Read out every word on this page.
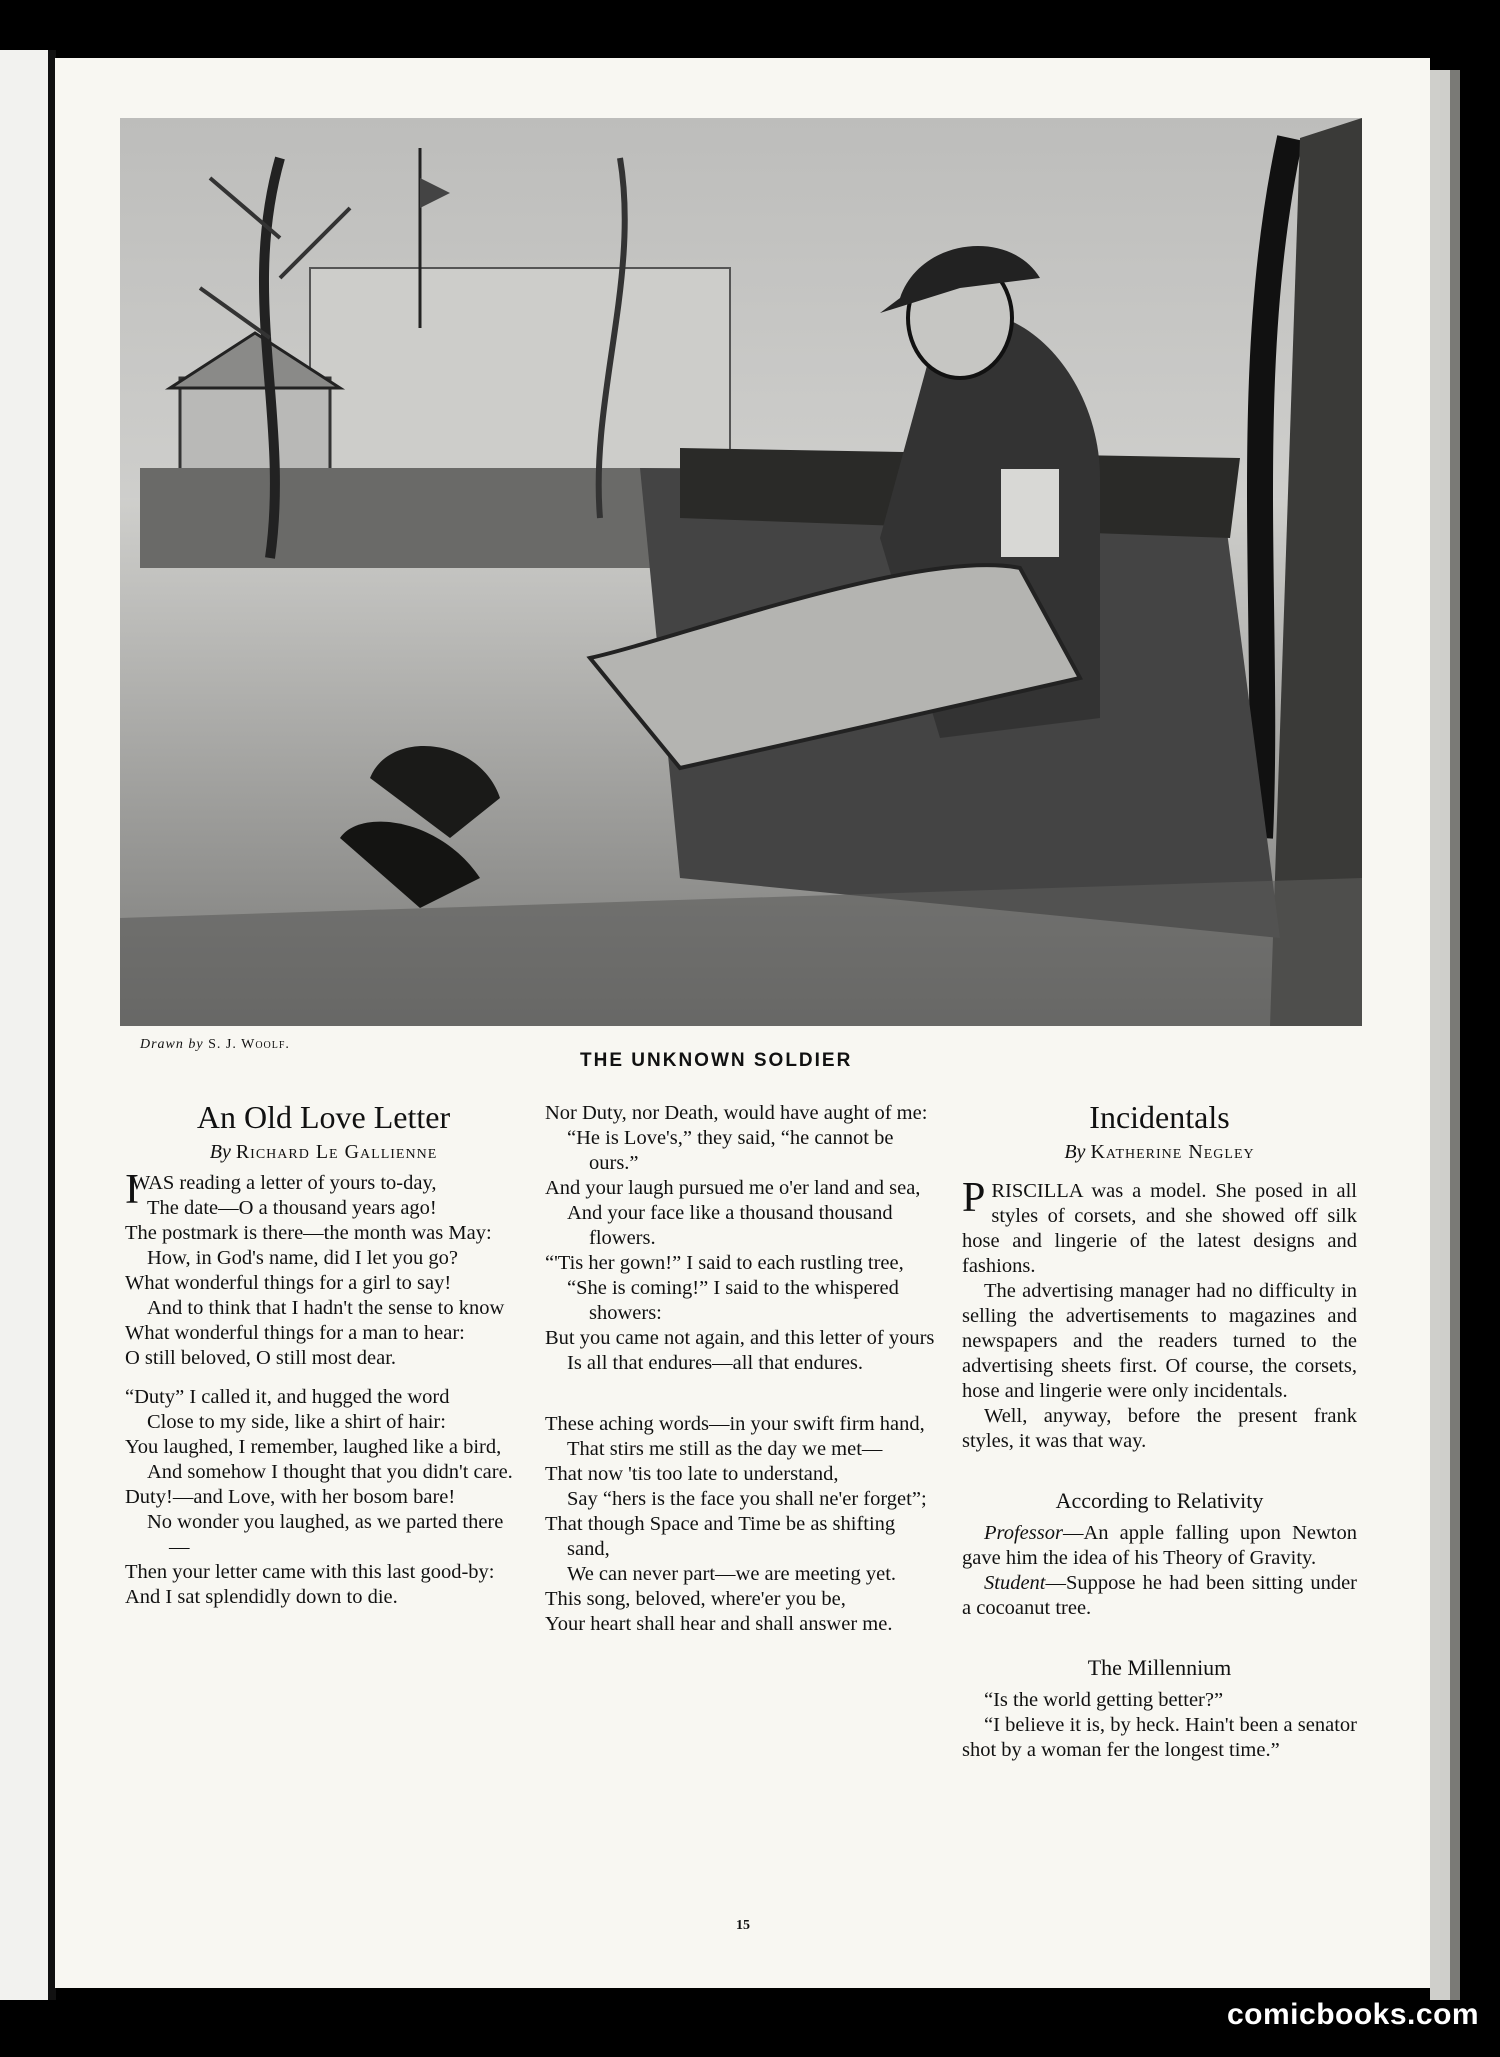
Drawn by S. J. Woolf.
THE UNKNOWN SOLDIER
An Old Love Letter
By Richard Le Gallienne
IWAS reading a letter of yours to-day,
The date—O a thousand years ago!
The postmark is there—the month was May:
How, in God's name, did I let you go?
What wonderful things for a girl to say!
And to think that I hadn't the sense to know
What wonderful things for a man to hear:
O still beloved, O still most dear.
“Duty” I called it, and hugged the word
Close to my side, like a shirt of hair:
You laughed, I remember, laughed like a bird,
And somehow I thought that you didn't care.
Duty!—and Love, with her bosom bare!
No wonder you laughed, as we parted there—
Then your letter came with this last good-by:
And I sat splendidly down to die.
Nor Duty, nor Death, would have aught of me:
“He is Love's,” they said, “he cannot be ours.”
And your laugh pursued me o'er land and sea,
And your face like a thousand thousand flowers.
“'Tis her gown!” I said to each rustling tree,
“She is coming!” I said to the whispered showers:
But you came not again, and this letter of yours
Is all that endures—all that endures.
These aching words—in your swift firm hand,
That stirs me still as the day we met—
That now 'tis too late to understand,
Say “hers is the face you shall ne'er forget”;
That though Space and Time be as shifting sand,
We can never part—we are meeting yet.
This song, beloved, where'er you be,
Your heart shall hear and shall answer me.
Incidentals
By Katherine Negley
PRISCILLA was a model. She posed in all styles of corsets, and she showed off silk hose and lingerie of the latest designs and fashions.
The advertising manager had no difficulty in selling the advertisements to magazines and newspapers and the readers turned to the advertising sheets first. Of course, the corsets, hose and lingerie were only incidentals.
Well, anyway, before the present frank styles, it was that way.
According to Relativity
Professor—An apple falling upon Newton gave him the idea of his Theory of Gravity.
Student—Suppose he had been sitting under a cocoanut tree.
The Millennium
“Is the world getting better?”
“I believe it is, by heck. Hain't been a senator shot by a woman fer the longest time.”
15
comicbooks.com
